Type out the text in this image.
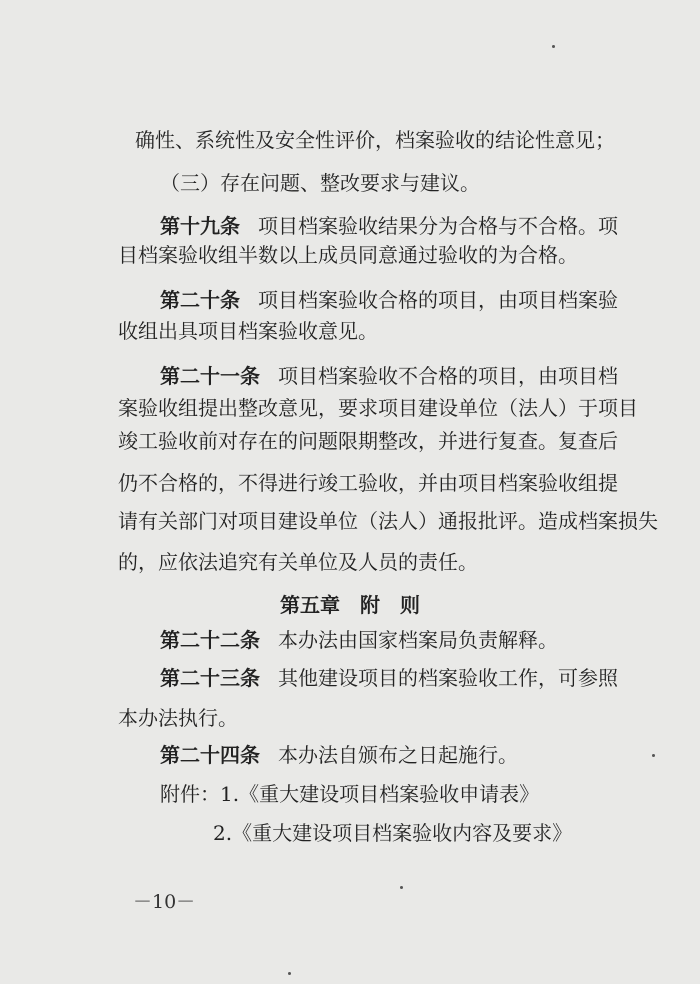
确性、系统性及安全性评价，档案验收的结论性意见；
（三）存在问题、整改要求与建议。
第十九条 项目档案验收结果分为合格与不合格。项
目档案验收组半数以上成员同意通过验收的为合格。
第二十条 项目档案验收合格的项目，由项目档案验
收组出具项目档案验收意见。
第二十一条 项目档案验收不合格的项目，由项目档
案验收组提出整改意见，要求项目建设单位（法人）于项目
竣工验收前对存在的问题限期整改，并进行复查。复查后
仍不合格的，不得进行竣工验收，并由项目档案验收组提
请有关部门对项目建设单位（法人）通报批评。造成档案损失
的，应依法追究有关单位及人员的责任。
第五章　附　则
第二十二条 本办法由国家档案局负责解释。
第二十三条 其他建设项目的档案验收工作，可参照
本办法执行。
第二十四条 本办法自颁布之日起施行。
附件：1.《重大建设项目档案验收申请表》
2.《重大建设项目档案验收内容及要求》
－10－
